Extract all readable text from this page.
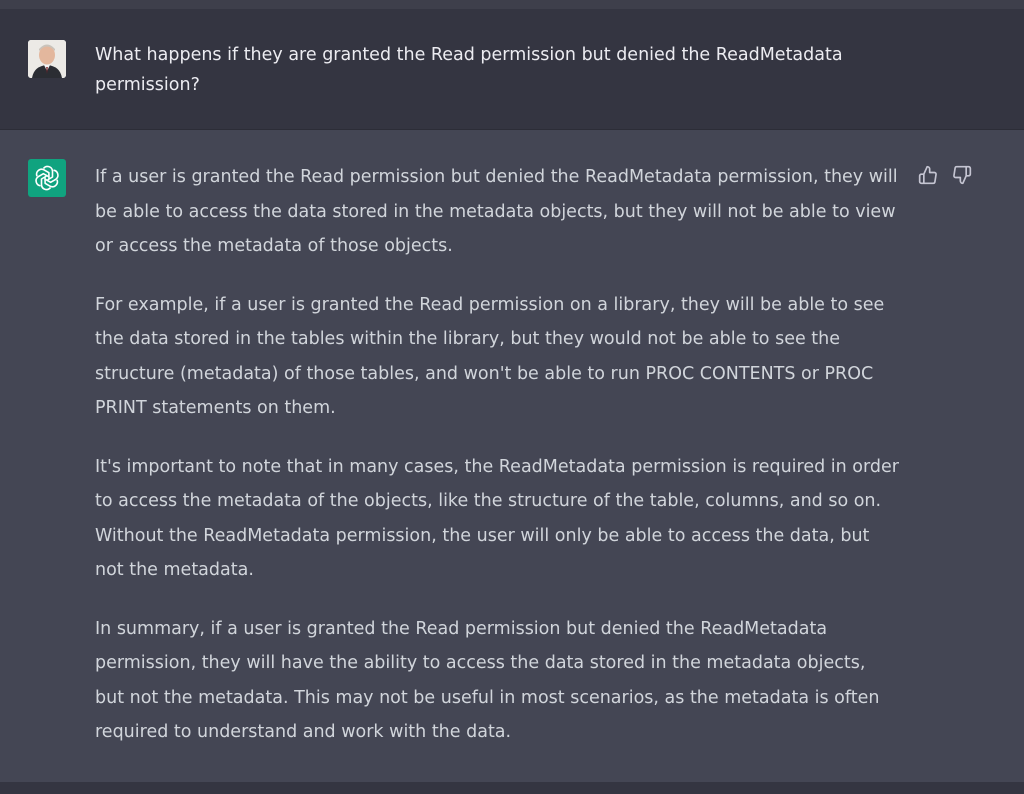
What happens if they are granted the Read permission but denied the ReadMetadata permission?

If a user is granted the Read permission but denied the ReadMetadata permission, they will be able to access the data stored in the metadata objects, but they will not be able to view or access the metadata of those objects.

For example, if a user is granted the Read permission on a library, they will be able to see the data stored in the tables within the library, but they would not be able to see the structure (metadata) of those tables, and won't be able to run PROC CONTENTS or PROC PRINT statements on them.

It's important to note that in many cases, the ReadMetadata permission is required in order to access the metadata of the objects, like the structure of the table, columns, and so on. Without the ReadMetadata permission, the user will only be able to access the data, but not the metadata.

In summary, if a user is granted the Read permission but denied the ReadMetadata permission, they will have the ability to access the data stored in the metadata objects, but not the metadata. This may not be useful in most scenarios, as the metadata is often required to understand and work with the data.
